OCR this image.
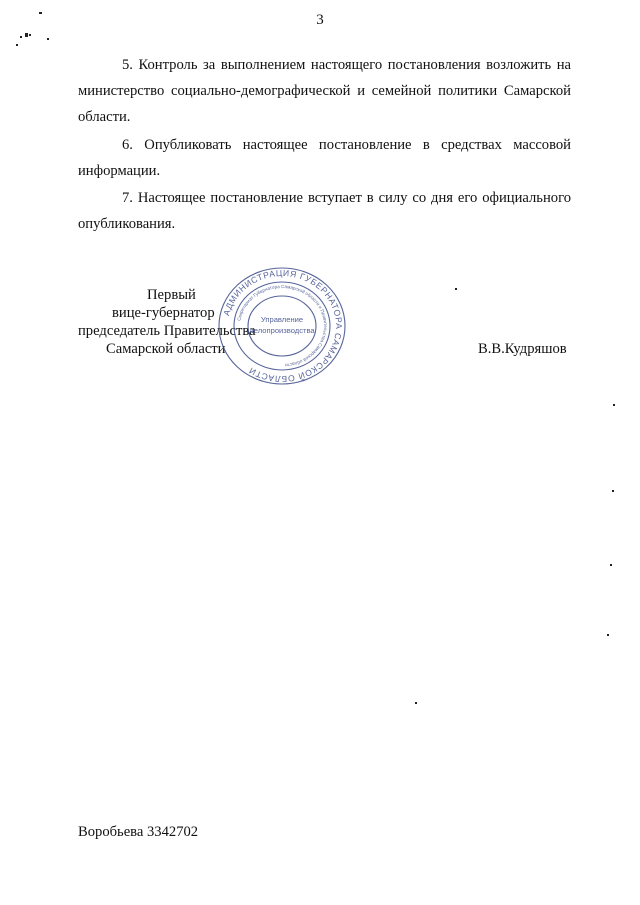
3

5. Контроль за выполнением настоящего постановления возложить на министерство социально-демографической и семейной политики Самарской области.

6. Опубликовать настоящее постановление в средствах массовой информации.

7. Настоящее постановление вступает в силу со дня его официального опубликования.

Первый

вице-губернатор

председатель Правительства

Самарской области	В.В.Кудряшов

АДМИНИСТРАЦИЯ ГУБЕРНАТОРА САМАРСКОЙ ОБЛАСТИ
Секретариат Губернатора Самарской области и Правительства Самарской области
Управление
делопроизводства

Воробьева 3342702
